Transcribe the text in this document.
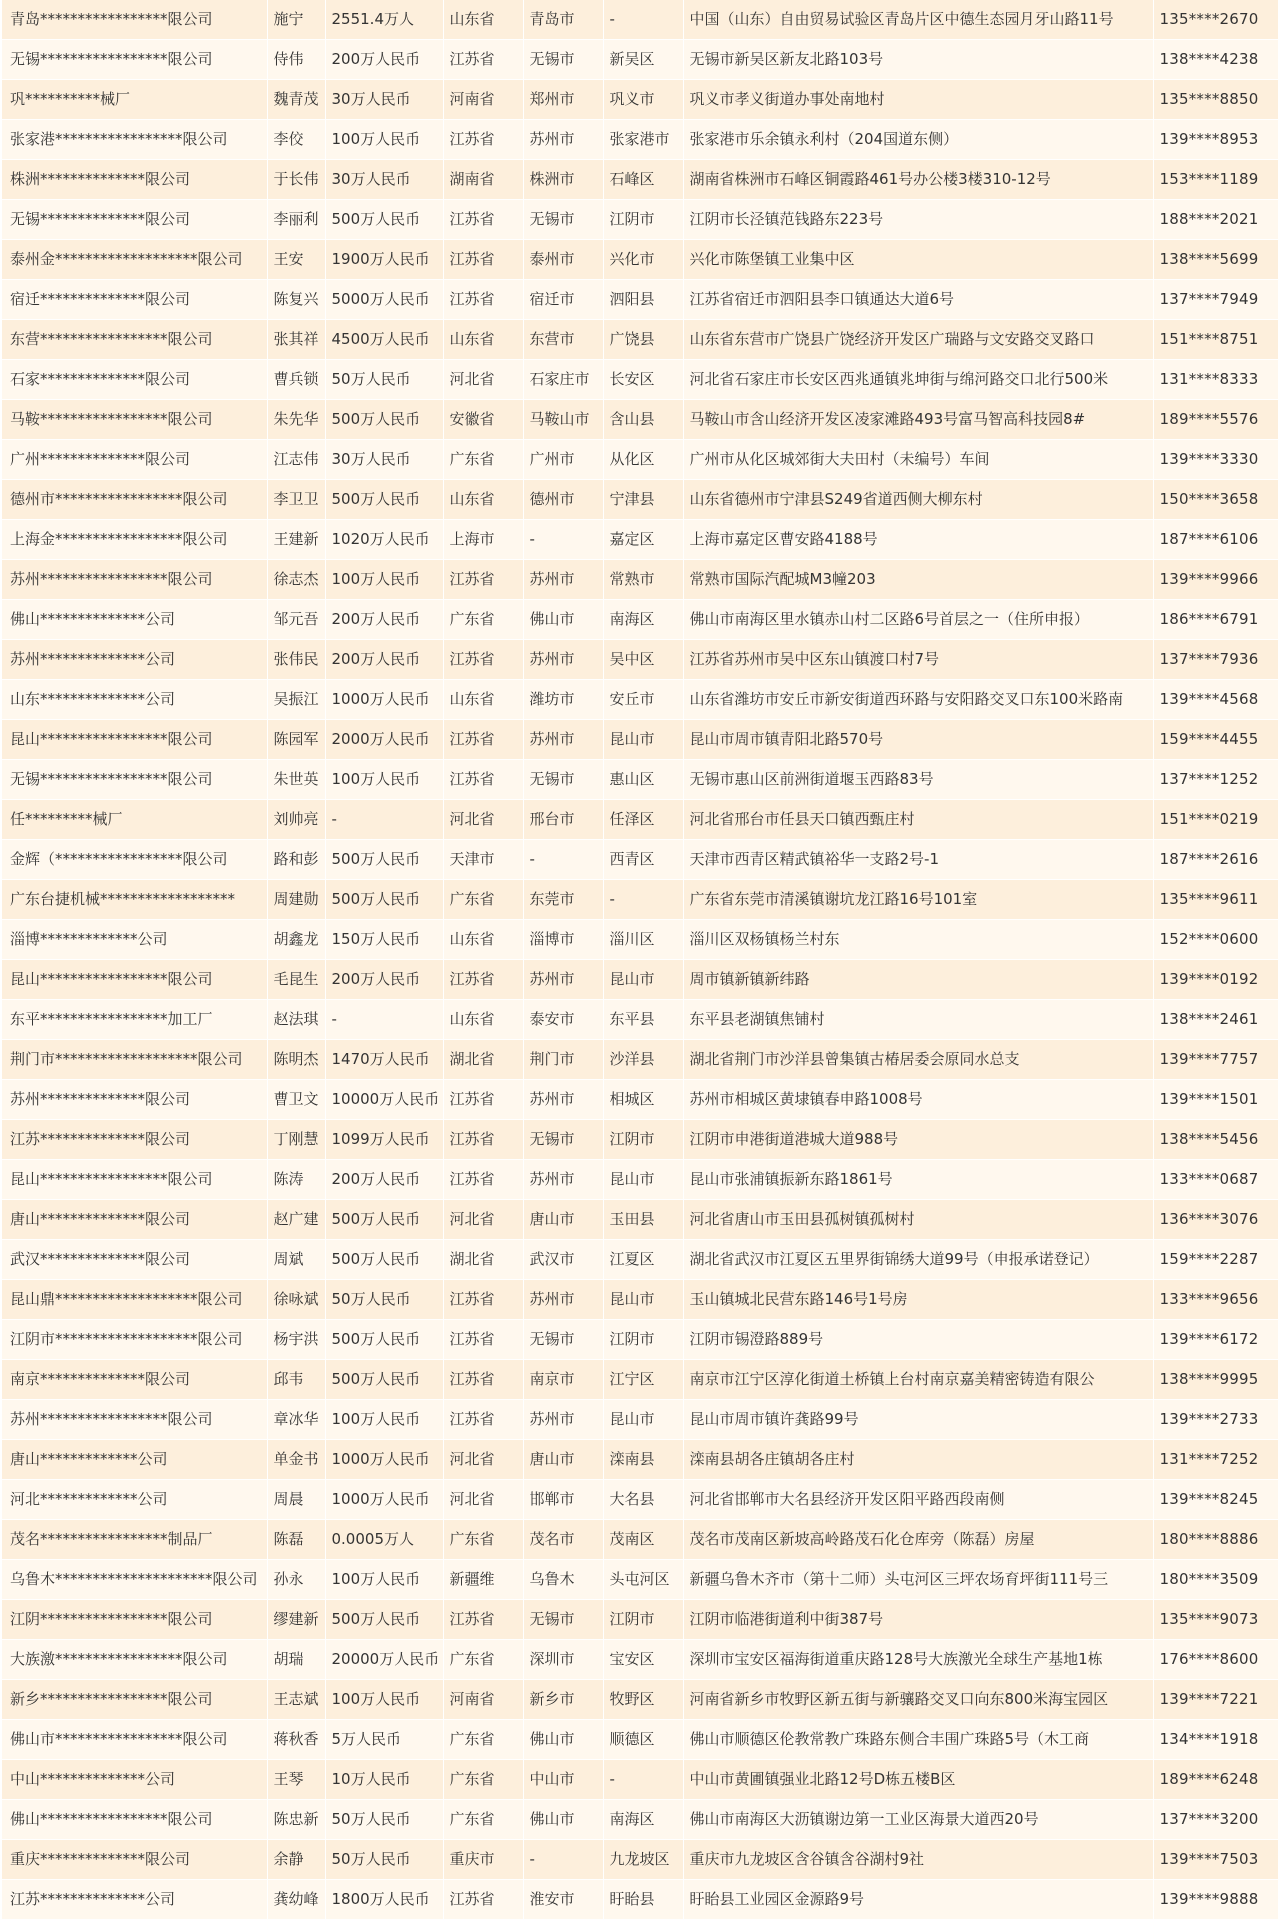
青岛*****************限公司	施宁	2551.4万人	山东省	青岛市	-	中国（山东）自由贸易试验区青岛片区中德生态园月牙山路11号	135****2670
无锡*****************限公司	侍伟	200万人民币	江苏省	无锡市	新吴区	无锡市新吴区新友北路103号	138****4238
巩**********械厂	魏青茂	30万人民币	河南省	郑州市	巩义市	巩义市孝义街道办事处南地村	135****8850
张家港*****************限公司	李佼	100万人民币	江苏省	苏州市	张家港市	张家港市乐余镇永利村（204国道东侧）	139****8953
株洲**************限公司	于长伟	30万人民币	湖南省	株洲市	石峰区	湖南省株洲市石峰区铜霞路461号办公楼3楼310-12号	153****1189
无锡**************限公司	李丽利	500万人民币	江苏省	无锡市	江阴市	江阴市长泾镇范钱路东223号	188****2021
泰州金*******************限公司	王安	1900万人民币	江苏省	泰州市	兴化市	兴化市陈堡镇工业集中区	138****5699
宿迁**************限公司	陈复兴	5000万人民币	江苏省	宿迁市	泗阳县	江苏省宿迁市泗阳县李口镇通达大道6号	137****7949
东营*****************限公司	张其祥	4500万人民币	山东省	东营市	广饶县	山东省东营市广饶县广饶经济开发区广瑞路与文安路交叉路口	151****8751
石家**************限公司	曹兵锁	50万人民币	河北省	石家庄市	长安区	河北省石家庄市长安区西兆通镇兆坤街与绵河路交口北行500米	131****8333
马鞍*****************限公司	朱先华	500万人民币	安徽省	马鞍山市	含山县	马鞍山市含山经济开发区凌家滩路493号富马智高科技园8#	189****5576
广州**************限公司	江志伟	30万人民币	广东省	广州市	从化区	广州市从化区城郊街大夫田村（未编号）车间	139****3330
德州市*****************限公司	李卫卫	500万人民币	山东省	德州市	宁津县	山东省德州市宁津县S249省道西侧大柳东村	150****3658
上海金*****************限公司	王建新	1020万人民币	上海市	-	嘉定区	上海市嘉定区曹安路4188号	187****6106
苏州*****************限公司	徐志杰	100万人民币	江苏省	苏州市	常熟市	常熟市国际汽配城M3幢203	139****9966
佛山**************公司	邹元吾	200万人民币	广东省	佛山市	南海区	佛山市南海区里水镇赤山村二区路6号首层之一（住所申报）	186****6791
苏州**************公司	张伟民	200万人民币	江苏省	苏州市	吴中区	江苏省苏州市吴中区东山镇渡口村7号	137****7936
山东**************公司	吴振江	1000万人民币	山东省	潍坊市	安丘市	山东省潍坊市安丘市新安街道西环路与安阳路交叉口东100米路南	139****4568
昆山*****************限公司	陈园军	2000万人民币	江苏省	苏州市	昆山市	昆山市周市镇青阳北路570号	159****4455
无锡*****************限公司	朱世英	100万人民币	江苏省	无锡市	惠山区	无锡市惠山区前洲街道堰玉西路83号	137****1252
任*********械厂	刘帅亮	-	河北省	邢台市	任泽区	河北省邢台市任县天口镇西甄庄村	151****0219
金辉（*****************限公司	路和彭	500万人民币	天津市	-	西青区	天津市西青区精武镇裕华一支路2号-1	187****2616
广东台捷机械******************	周建勋	500万人民币	广东省	东莞市	-	广东省东莞市清溪镇谢坑龙江路16号101室	135****9611
淄博*************公司	胡鑫龙	150万人民币	山东省	淄博市	淄川区	淄川区双杨镇杨兰村东	152****0600
昆山*****************限公司	毛昆生	200万人民币	江苏省	苏州市	昆山市	周市镇新镇新纬路	139****0192
东平*****************加工厂	赵法琪	-	山东省	泰安市	东平县	东平县老湖镇焦铺村	138****2461
荆门市*******************限公司	陈明杰	1470万人民币	湖北省	荆门市	沙洋县	湖北省荆门市沙洋县曾集镇古椿居委会原同水总支	139****7757
苏州**************限公司	曹卫文	10000万人民币	江苏省	苏州市	相城区	苏州市相城区黄埭镇春申路1008号	139****1501
江苏**************限公司	丁刚慧	1099万人民币	江苏省	无锡市	江阴市	江阴市申港街道港城大道988号	138****5456
昆山*****************限公司	陈涛	200万人民币	江苏省	苏州市	昆山市	昆山市张浦镇振新东路1861号	133****0687
唐山**************限公司	赵广建	500万人民币	河北省	唐山市	玉田县	河北省唐山市玉田县孤树镇孤树村	136****3076
武汉**************限公司	周斌	500万人民币	湖北省	武汉市	江夏区	湖北省武汉市江夏区五里界街锦绣大道99号（申报承诺登记）	159****2287
昆山鼎*******************限公司	徐咏斌	50万人民币	江苏省	苏州市	昆山市	玉山镇城北民营东路146号1号房	133****9656
江阴市*******************限公司	杨宇洪	500万人民币	江苏省	无锡市	江阴市	江阴市锡澄路889号	139****6172
南京**************限公司	邱韦	500万人民币	江苏省	南京市	江宁区	南京市江宁区淳化街道土桥镇上台村南京嘉美精密铸造有限公	138****9995
苏州*****************限公司	章冰华	100万人民币	江苏省	苏州市	昆山市	昆山市周市镇许龚路99号	139****2733
唐山*************公司	单金书	1000万人民币	河北省	唐山市	滦南县	滦南县胡各庄镇胡各庄村	131****7252
河北*************公司	周晨	1000万人民币	河北省	邯郸市	大名县	河北省邯郸市大名县经济开发区阳平路西段南侧	139****8245
茂名*****************制品厂	陈磊	0.0005万人	广东省	茂名市	茂南区	茂名市茂南区新坡高岭路茂石化仓库旁（陈磊）房屋	180****8886
乌鲁木*********************限公司	孙永	100万人民币	新疆维	乌鲁木	头屯河区	新疆乌鲁木齐市（第十二师）头屯河区三坪农场育坪街111号三	180****3509
江阴*****************限公司	缪建新	500万人民币	江苏省	无锡市	江阴市	江阴市临港街道利中街387号	135****9073
大族激*****************限公司	胡瑞	20000万人民币	广东省	深圳市	宝安区	深圳市宝安区福海街道重庆路128号大族激光全球生产基地1栋	176****8600
新乡*****************限公司	王志斌	100万人民币	河南省	新乡市	牧野区	河南省新乡市牧野区新五街与新骧路交叉口向东800米海宝园区	139****7221
佛山市*****************限公司	蒋秋香	5万人民币	广东省	佛山市	顺德区	佛山市顺德区伦教常教广珠路东侧合丰围广珠路5号（木工商	134****1918
中山**************公司	王琴	10万人民币	广东省	中山市	-	中山市黄圃镇强业北路12号D栋五楼B区	189****6248
佛山*****************限公司	陈忠新	50万人民币	广东省	佛山市	南海区	佛山市南海区大沥镇谢边第一工业区海景大道西20号	137****3200
重庆**************限公司	余静	50万人民币	重庆市	-	九龙坡区	重庆市九龙坡区含谷镇含谷湖村9社	139****7503
江苏**************公司	龚幼峰	1800万人民币	江苏省	淮安市	盱眙县	盱眙县工业园区金源路9号	139****9888
